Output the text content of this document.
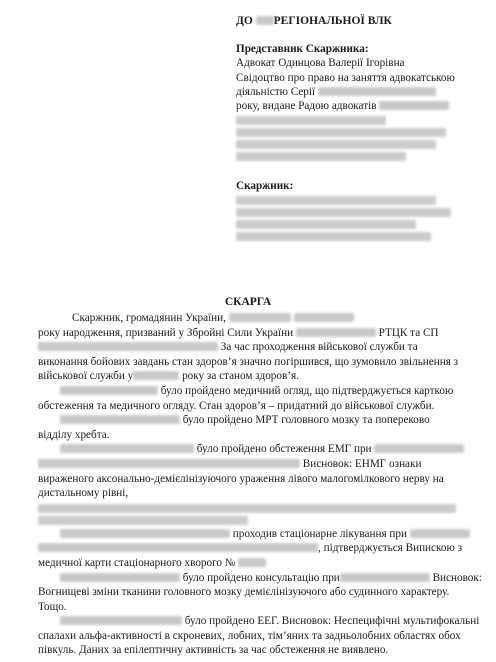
ДО РЕГІОНАЛЬНОЇ ВЛК
Представник Скаржника:
Адвокат Одинцова Валерії Ігорівна
Свідоцтво про право на заняття адвокатською
діяльністю Серії
року, видане Радою адвокатів
Скаржник:
СКАРГА
Скаржник, громадянин України,
року народження, призваний у Збройні Сили України	РТЦК та СП
За час проходження військової служби та
виконання бойових завдань стан здоров’я значно погіршився, що зумовило звільнення з
військової служби у	року за станом здоров’я.
було пройдено медичний огляд, що підтверджується карткою
обстеження та медичного огляду. Стан здоров’я – придатний до військової служби.
було пройдено МРТ головного мозку та попереково
відділу хребта.
було пройдено обстеження ЕМГ при
Висновок: ЕНМГ ознаки
вираженого аксонально-демієлінізуючого ураження лівого малогомілкового нерву на
дистальному рівні,
проходив стаціонарне лікування при
, підтверджується Випискою з
медичної карти стаціонарного хворого №
було пройдено консультацію при	Висновок:
Вогнищеві зміни тканини головного мозку демієлінізуючого або судинного характеру.
Тощо.
було пройдено ЕЕГ. Висновок: Неспецифічні мультифокальні
спалахи альфа-активності в скроневих, лобних, тім’яних та задньолобних областях обох
півкуль. Даних за епілептичну активність за час обстеження не виявлено.
